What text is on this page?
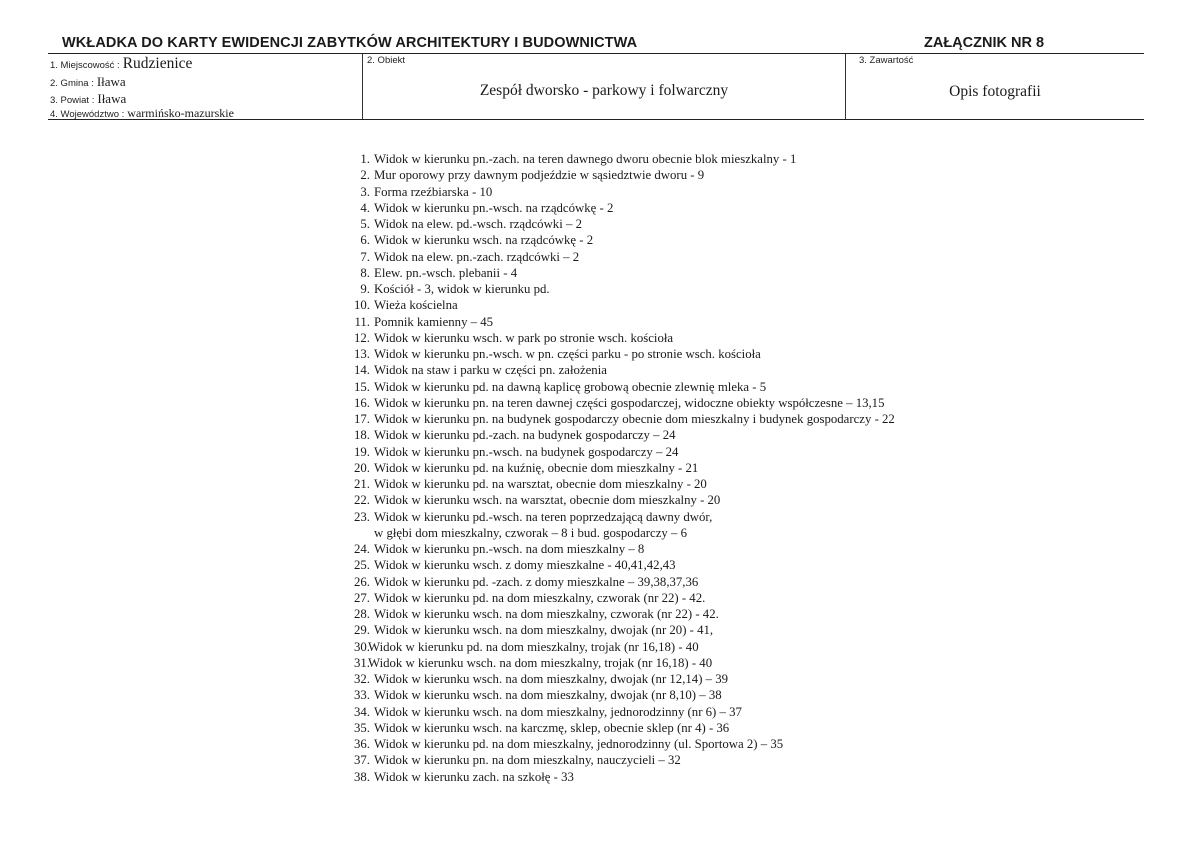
WKŁADKA DO KARTY EWIDENCJI ZABYTKÓW ARCHITEKTURY I BUDOWNICTWA	ZAŁĄCZNIK NR 8
1. Miejscowość : Rudzienice
2. Gmina : Iława
3. Powiat : Iława
4. Województwo : warmińsko-mazurskie
2. Obiekt
Zespół dworsko - parkowy i folwarczny
3. Zawartość
Opis fotografii
1. Widok w kierunku pn.-zach. na teren dawnego dworu obecnie blok mieszkalny - 1
2. Mur oporowy przy dawnym podjeździe w sąsiedztwie dworu - 9
3. Forma rzeźbiarska - 10
4. Widok w kierunku pn.-wsch. na rządcówkę - 2
5. Widok na elew. pd.-wsch. rządcówki – 2
6. Widok w kierunku wsch. na rządcówkę - 2
7. Widok na elew. pn.-zach. rządcówki – 2
8. Elew. pn.-wsch. plebanii - 4
9. Kościół - 3, widok w kierunku pd.
10. Wieża kościelna
11. Pomnik kamienny – 45
12. Widok w kierunku wsch. w park po stronie wsch. kościoła
13. Widok w kierunku pn.-wsch. w pn. części parku - po stronie wsch. kościoła
14. Widok na staw i parku w części pn. założenia
15. Widok w kierunku pd. na dawną kaplicę grobową obecnie zlewnię mleka - 5
16. Widok w kierunku pn. na teren dawnej części gospodarczej, widoczne obiekty współczesne – 13,15
17. Widok w kierunku pn. na budynek gospodarczy obecnie dom mieszkalny i budynek gospodarczy - 22
18. Widok w kierunku pd.-zach. na budynek gospodarczy – 24
19. Widok w kierunku pn.-wsch. na budynek gospodarczy – 24
20. Widok w kierunku pd. na kuźnię, obecnie dom mieszkalny - 21
21. Widok w kierunku pd. na warsztat, obecnie dom mieszkalny - 20
22. Widok w kierunku wsch. na warsztat, obecnie dom mieszkalny - 20
23. Widok w kierunku pd.-wsch. na teren poprzedzającą dawny dwór,
w głębi dom mieszkalny, czworak – 8 i bud. gospodarczy – 6
24. Widok w kierunku pn.-wsch. na dom mieszkalny – 8
25. Widok w kierunku wsch. z domy mieszkalne - 40,41,42,43
26. Widok w kierunku pd. -zach. z domy mieszkalne – 39,38,37,36
27. Widok w kierunku pd. na dom mieszkalny, czworak (nr 22) - 42.
28. Widok w kierunku wsch. na dom mieszkalny, czworak (nr 22) - 42.
29. Widok w kierunku wsch. na dom mieszkalny, dwojak (nr 20) - 41,
30.
Widok w kierunku pd. na dom mieszkalny, trojak (nr 16,18) - 40
31.
Widok w kierunku wsch. na dom mieszkalny, trojak (nr 16,18) - 40
32. Widok w kierunku wsch. na dom mieszkalny, dwojak (nr 12,14) – 39
33. Widok w kierunku wsch. na dom mieszkalny, dwojak (nr 8,10) – 38
34. Widok w kierunku wsch. na dom mieszkalny, jednorodzinny (nr 6) – 37
35. Widok w kierunku wsch. na karczmę, sklep, obecnie sklep (nr 4) - 36
36. Widok w kierunku pd. na dom mieszkalny, jednorodzinny (ul. Sportowa 2) – 35
37. Widok w kierunku pn. na dom mieszkalny, nauczycieli – 32
38. Widok w kierunku zach. na szkołę - 33
